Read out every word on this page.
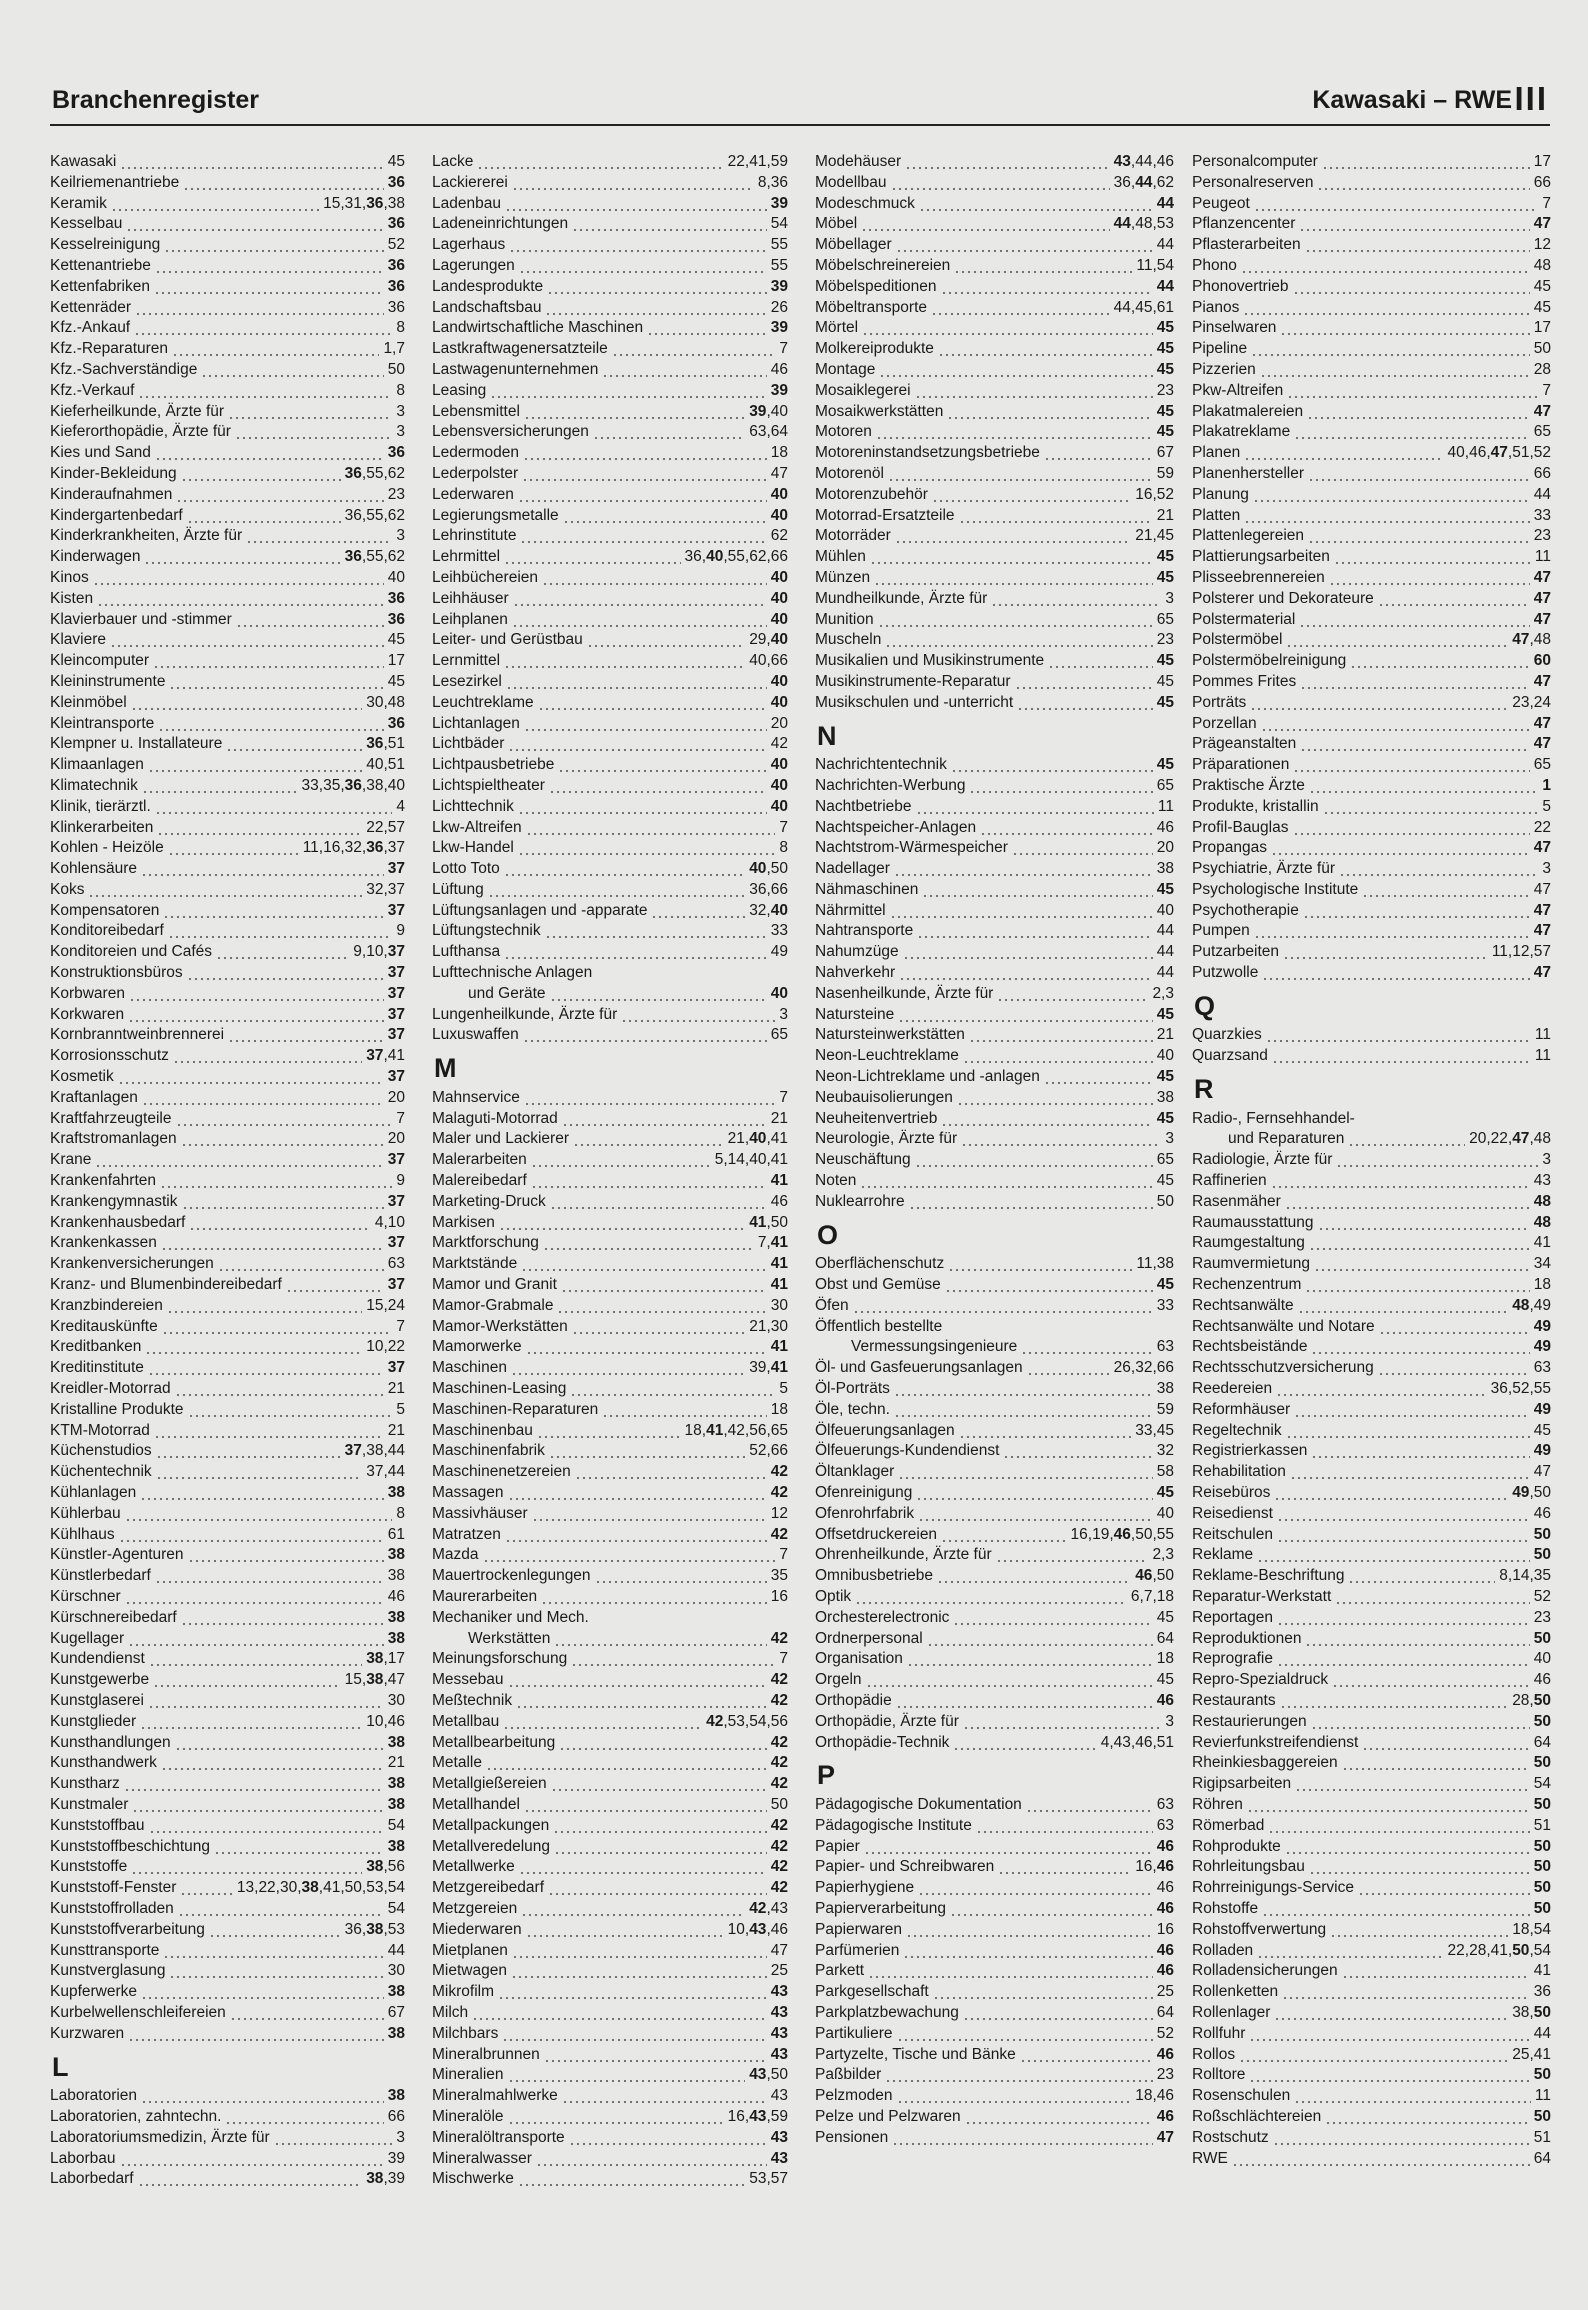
Branchenregister	Kawasaki – RWE III
Kawasaki	45
Keilriemenantriebe	36
Keramik	15,31,36,38
Kesselbau	36
Kesselreinigung	52
Kettenantriebe	36
Kettenfabriken	36
Kettenräder	36
Kfz.-Ankauf	8
Kfz.-Reparaturen	1,7
Kfz.-Sachverständige	50
Kfz.-Verkauf	8
Kieferheilkunde, Ärzte für	3
Kieferorthopädie, Ärzte für	3
Kies und Sand	36
Kinder-Bekleidung	36,55,62
Kinderaufnahmen	23
Kindergartenbedarf	36,55,62
Kinderkrankheiten, Ärzte für	3
Kinderwagen	36,55,62
Kinos	40
Kisten	36
Klavierbauer und -stimmer	36
Klaviere	45
Kleincomputer	17
Kleininstrumente	45
Kleinmöbel	30,48
Kleintransporte	36
Klempner u. Installateure	36,51
Klimaanlagen	40,51
Klimatechnik	33,35,36,38,40
Klinik, tierärztl.	4
Klinkerarbeiten	22,57
Kohlen - Heizöle	11,16,32,36,37
Kohlensäure	37
Koks	32,37
Kompensatoren	37
Konditoreibedarf	9
Konditoreien und Cafés	9,10,37
Konstruktionsbüros	37
Korbwaren	37
Korkwaren	37
Kornbranntweinbrennerei	37
Korrosionsschutz	37,41
Kosmetik	37
Kraftanlagen	20
Kraftfahrzeugteile	7
Kraftstromanlagen	20
Krane	37
Krankenfahrten	9
Krankengymnastik	37
Krankenhausbedarf	4,10
Krankenkassen	37
Krankenversicherungen	63
Kranz- und Blumenbindereibedarf	37
Kranzbindereien	15,24
Kreditauskünfte	7
Kreditbanken	10,22
Kreditinstitute	37
Kreidler-Motorrad	21
Kristalline Produkte	5
KTM-Motorrad	21
Küchenstudios	37,38,44
Küchentechnik	37,44
Kühlanlagen	38
Kühlerbau	8
Kühlhaus	61
Künstler-Agenturen	38
Künstlerbedarf	38
Kürschner	46
Kürschnereibedarf	38
Kugellager	38
Kundendienst	38,17
Kunstgewerbe	15,38,47
Kunstglaserei	30
Kunstglieder	10,46
Kunsthandlungen	38
Kunsthandwerk	21
Kunstharz	38
Kunstmaler	38
Kunststoffbau	54
Kunststoffbeschichtung	38
Kunststoffe	38,56
Kunststoff-Fenster	13,22,30,38,41,50,53,54
Kunststoffrolladen	54
Kunststoffverarbeitung	36,38,53
Kunsttransporte	44
Kunstverglasung	30
Kupferwerke	38
Kurbelwellenschleifereien	67
Kurzwaren	38
L
Laboratorien	38
Laboratorien, zahntechn.	66
Laboratoriumsmedizin, Ärzte für	3
Laborbau	39
Laborbedarf	38,39
Lacke	22,41,59
Lackiererei	8,36
Ladenbau	39
Ladeneinrichtungen	54
Lagerhaus	55
Lagerungen	55
Landesprodukte	39
Landschaftsbau	26
Landwirtschaftliche Maschinen	39
Lastkraftwagenersatzteile	7
Lastwagenunternehmen	46
Leasing	39
Lebensmittel	39,40
Lebensversicherungen	63,64
Ledermoden	18
Lederpolster	47
Lederwaren	40
Legierungsmetalle	40
Lehrinstitute	62
Lehrmittel	36,40,55,62,66
Leihbüchereien	40
Leihhäuser	40
Leihplanen	40
Leiter- und Gerüstbau	29,40
Lernmittel	40,66
Lesezirkel	40
Leuchtreklame	40
Lichtanlagen	20
Lichtbäder	42
Lichtpausbetriebe	40
Lichtspieltheater	40
Lichttechnik	40
Lkw-Altreifen	7
Lkw-Handel	8
Lotto Toto	40,50
Lüftung	36,66
Lüftungsanlagen und -apparate	32,40
Lüftungstechnik	33
Lufthansa	49
Lufttechnische Anlagen
und Geräte	40
Lungenheilkunde, Ärzte für	3
Luxuswaffen	65
M
Mahnservice	7
Malaguti-Motorrad	21
Maler und Lackierer	21,40,41
Malerarbeiten	5,14,40,41
Malereibedarf	41
Marketing-Druck	46
Markisen	41,50
Marktforschung	7,41
Marktstände	41
Mamor und Granit	41
Mamor-Grabmale	30
Mamor-Werkstätten	21,30
Mamorwerke	41
Maschinen	39,41
Maschinen-Leasing	5
Maschinen-Reparaturen	18
Maschinenbau	18,41,42,56,65
Maschinenfabrik	52,66
Maschinenetzereien	42
Massagen	42
Massivhäuser	12
Matratzen	42
Mazda	7
Mauertrockenlegungen	35
Maurerarbeiten	16
Mechaniker und Mech.
Werkstätten	42
Meinungsforschung	7
Messebau	42
Meßtechnik	42
Metallbau	42,53,54,56
Metallbearbeitung	42
Metalle	42
Metallgießereien	42
Metallhandel	50
Metallpackungen	42
Metallveredelung	42
Metallwerke	42
Metzgereibedarf	42
Metzgereien	42,43
Miederwaren	10,43,46
Mietplanen	47
Mietwagen	25
Mikrofilm	43
Milch	43
Milchbars	43
Mineralbrunnen	43
Mineralien	43,50
Mineralmahlwerke	43
Mineralöle	16,43,59
Mineralöltransporte	43
Mineralwasser	43
Mischwerke	53,57
Modehäuser	43,44,46
Modellbau	36,44,62
Modeschmuck	44
Möbel	44,48,53
Möbellager	44
Möbelschreinereien	11,54
Möbelspeditionen	44
Möbeltransporte	44,45,61
Mörtel	45
Molkereiprodukte	45
Montage	45
Mosaiklegerei	23
Mosaikwerkstätten	45
Motoren	45
Motoreninstandsetzungsbetriebe	67
Motorenöl	59
Motorenzubehör	16,52
Motorrad-Ersatzteile	21
Motorräder	21,45
Mühlen	45
Münzen	45
Mundheilkunde, Ärzte für	3
Munition	65
Muscheln	23
Musikalien und Musikinstrumente	45
Musikinstrumente-Reparatur	45
Musikschulen und -unterricht	45
N
Nachrichtentechnik	45
Nachrichten-Werbung	65
Nachtbetriebe	11
Nachtspeicher-Anlagen	46
Nachtstrom-Wärmespeicher	20
Nadellager	38
Nähmaschinen	45
Nährmittel	40
Nahtransporte	44
Nahumzüge	44
Nahverkehr	44
Nasenheilkunde, Ärzte für	2,3
Natursteine	45
Natursteinwerkstätten	21
Neon-Leuchtreklame	40
Neon-Lichtreklame und -anlagen	45
Neubauisolierungen	38
Neuheitenvertrieb	45
Neurologie, Ärzte für	3
Neuschäftung	65
Noten	45
Nuklearrohre	50
O
Oberflächenschutz	11,38
Obst und Gemüse	45
Öfen	33
Öffentlich bestellte
Vermessungsingenieure	63
Öl- und Gasfeuerungsanlagen	26,32,66
Öl-Porträts	38
Öle, techn.	59
Ölfeuerungsanlagen	33,45
Ölfeuerungs-Kundendienst	32
Öltanklager	58
Ofenreinigung	45
Ofenrohrfabrik	40
Offsetdruckereien	16,19,46,50,55
Ohrenheilkunde, Ärzte für	2,3
Omnibusbetriebe	46,50
Optik	6,7,18
Orchesterelectronic	45
Ordnerpersonal	64
Organisation	18
Orgeln	45
Orthopädie	46
Orthopädie, Ärzte für	3
Orthopädie-Technik	4,43,46,51
P
Pädagogische Dokumentation	63
Pädagogische Institute	63
Papier	46
Papier- und Schreibwaren	16,46
Papierhygiene	46
Papierverarbeitung	46
Papierwaren	16
Parfümerien	46
Parkett	46
Parkgesellschaft	25
Parkplatzbewachung	64
Partikuliere	52
Partyzelte, Tische und Bänke	46
Paßbilder	23
Pelzmoden	18,46
Pelze und Pelzwaren	46
Pensionen	47
Personalcomputer	17
Personalreserven	66
Peugeot	7
Pflanzencenter	47
Pflasterarbeiten	12
Phono	48
Phonovertrieb	45
Pianos	45
Pinselwaren	17
Pipeline	50
Pizzerien	28
Pkw-Altreifen	7
Plakatmalereien	47
Plakatreklame	65
Planen	40,46,47,51,52
Planenhersteller	66
Planung	44
Platten	33
Plattenlegereien	23
Plattierungsarbeiten	11
Plisseebrennereien	47
Polsterer und Dekorateure	47
Polstermaterial	47
Polstermöbel	47,48
Polstermöbelreinigung	60
Pommes Frites	47
Porträts	23,24
Porzellan	47
Prägeanstalten	47
Präparationen	65
Praktische Ärzte	1
Produkte, kristallin	5
Profil-Bauglas	22
Propangas	47
Psychiatrie, Ärzte für	3
Psychologische Institute	47
Psychotherapie	47
Pumpen	47
Putzarbeiten	11,12,57
Putzwolle	47
Q
Quarzkies	11
Quarzsand	11
R
Radio-, Fernsehhandel-
und Reparaturen	20,22,47,48
Radiologie, Ärzte für	3
Raffinerien	43
Rasenmäher	48
Raumausstattung	48
Raumgestaltung	41
Raumvermietung	34
Rechenzentrum	18
Rechtsanwälte	48,49
Rechtsanwälte und Notare	49
Rechtsbeistände	49
Rechtsschutzversicherung	63
Reedereien	36,52,55
Reformhäuser	49
Regeltechnik	45
Registrierkassen	49
Rehabilitation	47
Reisebüros	49,50
Reisedienst	46
Reitschulen	50
Reklame	50
Reklame-Beschriftung	8,14,35
Reparatur-Werkstatt	52
Reportagen	23
Reproduktionen	50
Reprografie	40
Repro-Spezialdruck	46
Restaurants	28,50
Restaurierungen	50
Revierfunkstreifendienst	64
Rheinkiesbaggereien	50
Rigipsarbeiten	54
Röhren	50
Römerbad	51
Rohprodukte	50
Rohrleitungsbau	50
Rohrreinigungs-Service	50
Rohstoffe	50
Rohstoffverwertung	18,54
Rolladen	22,28,41,50,54
Rolladensicherungen	41
Rollenketten	36
Rollenlager	38,50
Rollfuhr	44
Rollos	25,41
Rolltore	50
Rosenschulen	11
Roßschlächtereien	50
Rostschutz	51
RWE	64
